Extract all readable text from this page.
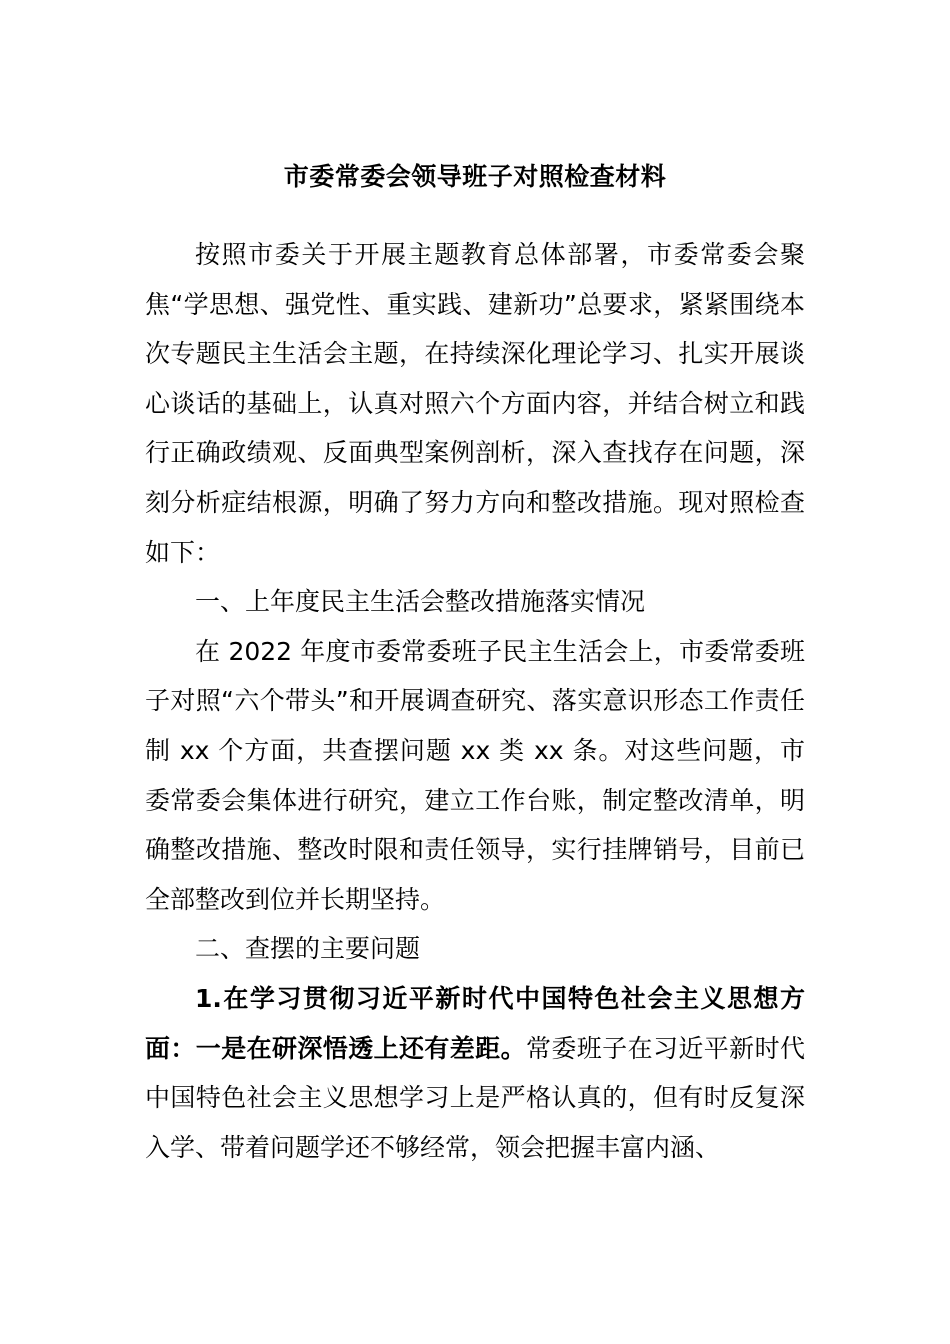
市委常委会领导班子对照检查材料

按照市委关于开展主题教育总体部署，市委常委会聚焦“学思想、强党性、重实践、建新功”总要求，紧紧围绕本次专题民主生活会主题，在持续深化理论学习、扎实开展谈心谈话的基础上，认真对照六个方面内容，并结合树立和践行正确政绩观、反面典型案例剖析，深入查找存在问题，深刻分析症结根源，明确了努力方向和整改措施。现对照检查如下：

一、上年度民主生活会整改措施落实情况

在 2022 年度市委常委班子民主生活会上，市委常委班子对照“六个带头”和开展调查研究、落实意识形态工作责任制 xx 个方面，共查摆问题 xx 类 xx 条。对这些问题，市委常委会集体进行研究，建立工作台账，制定整改清单，明确整改措施、整改时限和责任领导，实行挂牌销号，目前已全部整改到位并长期坚持。

二、查摆的主要问题

1.在学习贯彻习近平新时代中国特色社会主义思想方面：一是在研深悟透上还有差距。常委班子在习近平新时代中国特色社会主义思想学习上是严格认真的，但有时反复深入学、带着问题学还不够经常，领会把握丰富内涵、
